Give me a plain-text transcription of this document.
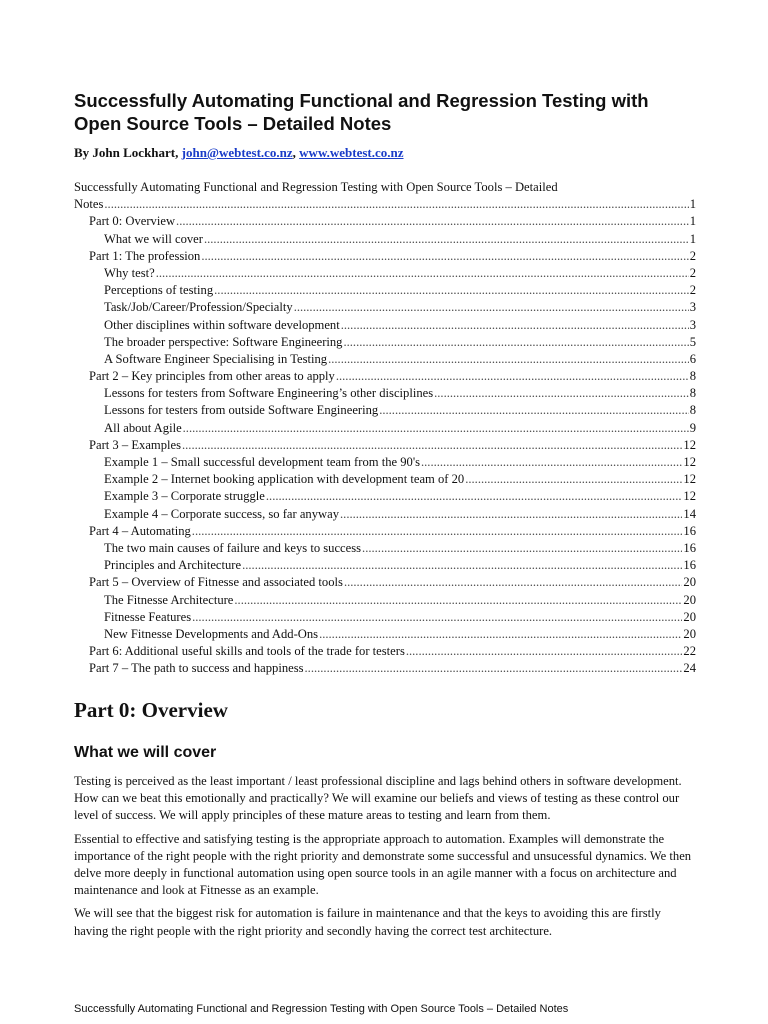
Successfully Automating Functional and Regression Testing with Open Source Tools – Detailed Notes
By John Lockhart, john@webtest.co.nz, www.webtest.co.nz
Successfully Automating Functional and Regression Testing with Open Source Tools – Detailed
Notes .....	1
Part 0: Overview .....	1
What we will cover .....	1
Part 1: The profession .....	2
Why test? .....	2
Perceptions of testing .....	2
Task/Job/Career/Profession/Specialty .....	3
Other disciplines within software development .....	3
The broader perspective: Software Engineering .....	5
A Software Engineer Specialising in Testing .....	6
Part 2 – Key principles from other areas to apply .....	8
Lessons for testers from Software Engineering’s other disciplines .....	8
Lessons for testers from outside Software Engineering .....	8
All about Agile .....	9
Part 3 – Examples .....	12
Example 1 – Small successful development team from the 90's .....	12
Example 2 – Internet booking application with development team of 20 .....	12
Example 3 – Corporate struggle .....	12
Example 4 – Corporate success, so far anyway .....	14
Part 4 – Automating .....	16
The two main causes of failure and keys to success .....	16
Principles and Architecture .....	16
Part 5 – Overview of Fitnesse and associated tools .....	20
The Fitnesse Architecture .....	20
Fitnesse Features .....	20
New Fitnesse Developments and Add-Ons .....	20
Part 6: Additional useful skills and tools of the trade for testers .....	22
Part 7 – The path to success and happiness .....	24
Part 0: Overview
What we will cover

Testing is perceived as the least important / least professional discipline and lags behind others in software development. How can we beat this emotionally and practically? We will examine our beliefs and views of testing as these control our level of success. We will apply principles of these mature areas to testing and learn from them.

Essential to effective and satisfying testing is the appropriate approach to automation. Examples will demonstrate the importance of the right people with the right priority and demonstrate some successful and unsucessful dynamics. We then delve more deeply in functional automation using open source tools in an agile manner with a focus on architecture and maintenance and look at Fitnesse as an example.

We will see that the biggest risk for automation is failure in maintenance and that the keys to avoiding this are firstly having the right people with the right priority and secondly having the correct test architecture.

Successfully Automating Functional and Regression Testing with Open Source Tools – Detailed Notes
